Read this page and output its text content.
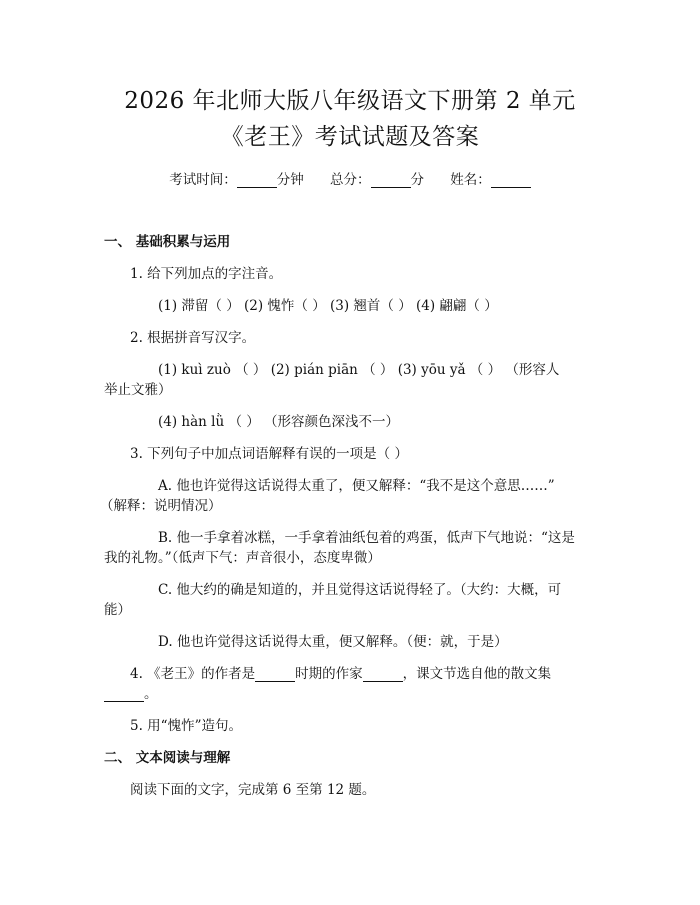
2026 年北师大版八年级语文下册第 2 单元
《老王》考试试题及答案
考试时间：	分钟 总分：	分 姓名：
一、 基础积累与运用
1. 给下列加点的字注音。
(1) 滞留（ ） (2) 愧怍（ ） (3) 翘首（ ） (4) 翩翩（ ）
2. 根据拼音写汉字。
(1) kuì zuò （ ） (2) pián piān （ ） (3) yōu yǎ （ ） （形容人
举止文雅）
(4) hàn lǜ （ ） （形容颜色深浅不一）
3. 下列句子中加点词语解释有误的一项是（ ）
A. 他也许觉得这话说得太重了，便又解释：“我不是这个意思……”
（解释：说明情况）
B. 他一手拿着冰糕，一手拿着油纸包着的鸡蛋，低声下气地说：“这是
我的礼物。”（低声下气：声音很小，态度卑微）
C. 他大约的确是知道的，并且觉得这话说得轻了。（大约：大概，可
能）
D. 他也许觉得这话说得太重，便又解释。（便：就，于是）
4. 《老王》的作者是	时期的作家	，课文节选自他的散文集
。
5. 用“愧怍”造句。
二、 文本阅读与理解
阅读下面的文字，完成第 6 至第 12 题。
